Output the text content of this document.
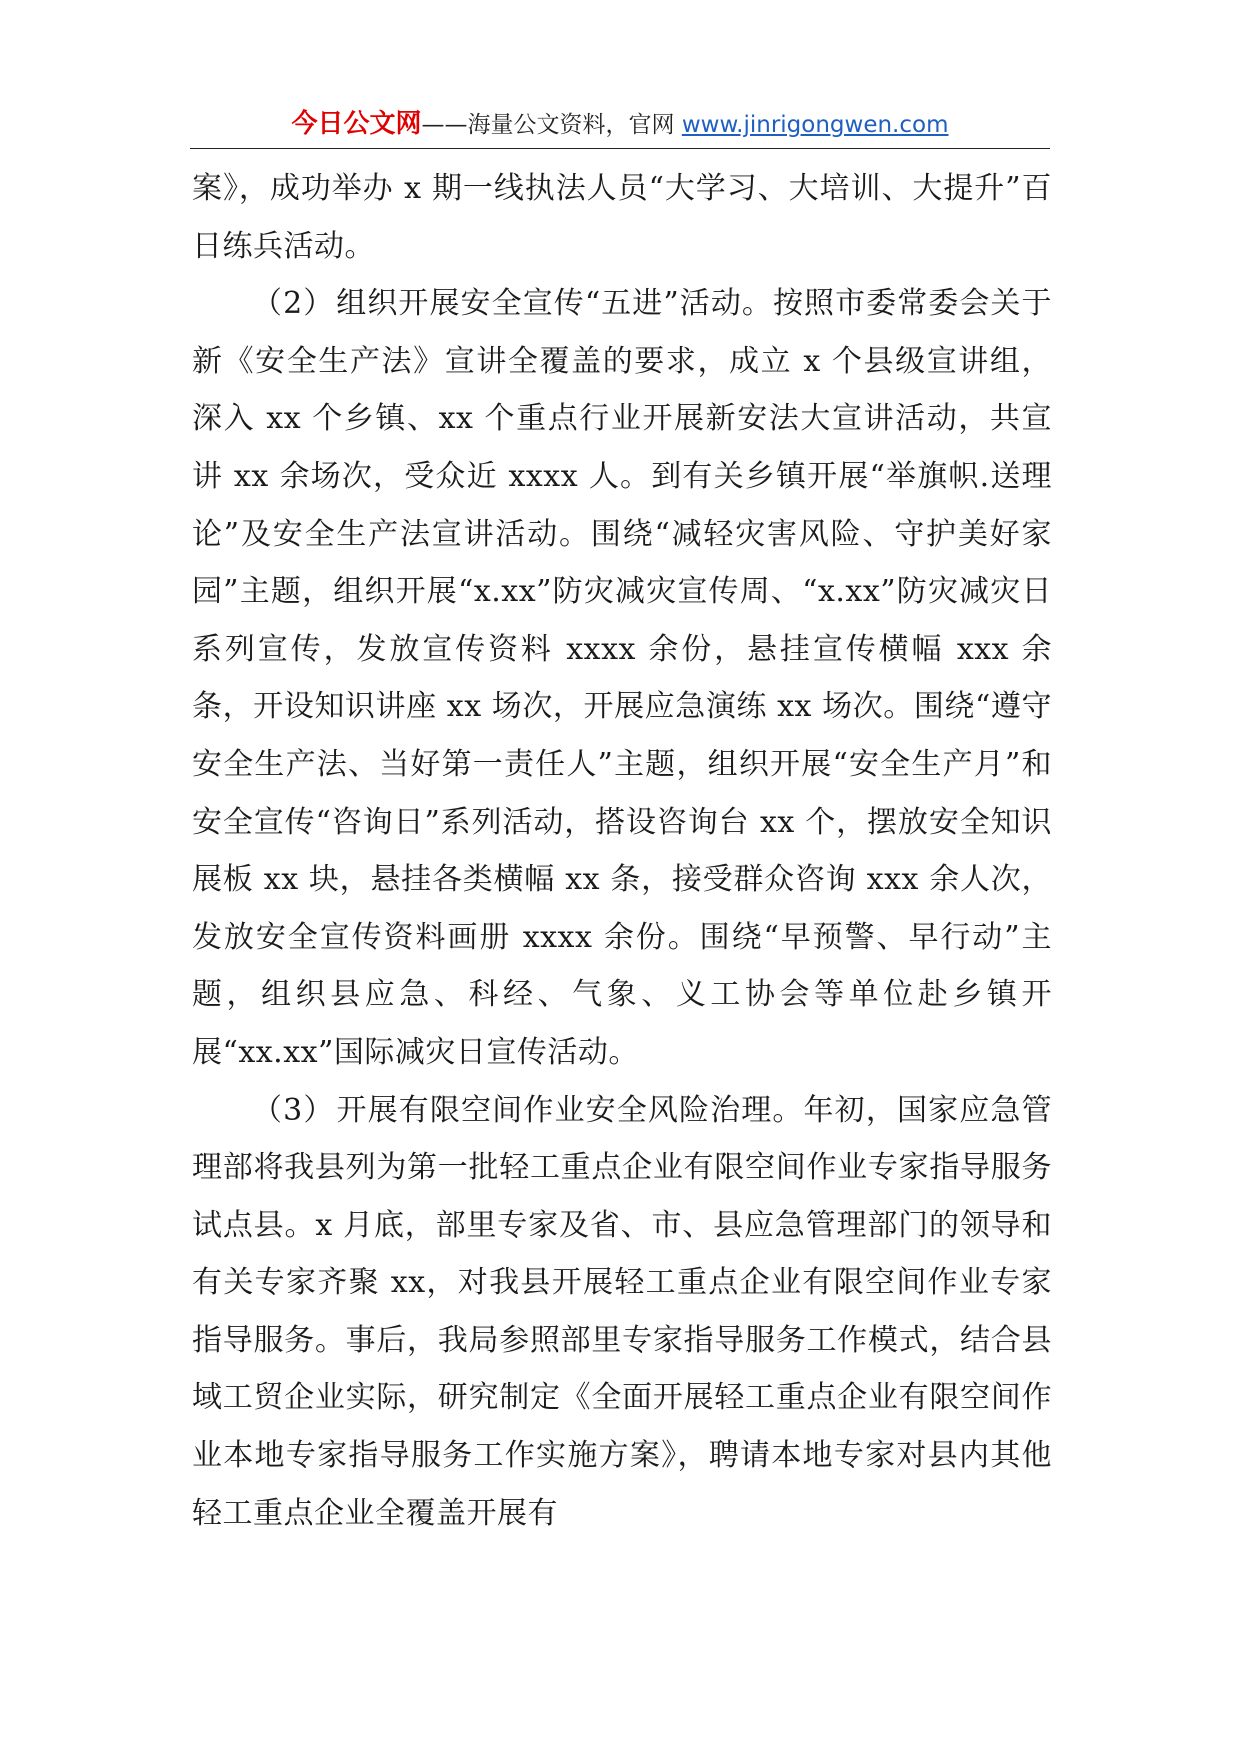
今日公文网——海量公文资料，官网 www.jinrigongwen.com

案》，成功举办 x 期一线执法人员“大学习、大培训、大提升”百日练兵活动。

（2）组织开展安全宣传“五进”活动。按照市委常委会关于新《安全生产法》宣讲全覆盖的要求，成立 x 个县级宣讲组，深入 xx 个乡镇、xx 个重点行业开展新安法大宣讲活动，共宣讲 xx 余场次，受众近 xxxx 人。到有关乡镇开展“举旗帜.送理论”及安全生产法宣讲活动。围绕“减轻灾害风险、守护美好家园”主题，组织开展“x.xx”防灾减灾宣传周、“x.xx”防灾减灾日系列宣传，发放宣传资料 xxxx 余份，悬挂宣传横幅 xxx 余条，开设知识讲座 xx 场次，开展应急演练 xx 场次。围绕“遵守安全生产法、当好第一责任人”主题，组织开展“安全生产月”和安全宣传“咨询日”系列活动，搭设咨询台 xx 个，摆放安全知识展板 xx 块，悬挂各类横幅 xx 条，接受群众咨询 xxx 余人次，发放安全宣传资料画册 xxxx 余份。围绕“早预警、早行动”主题，组织县应急、科经、气象、义工协会等单位赴乡镇开展“xx.xx”国际减灾日宣传活动。

（3）开展有限空间作业安全风险治理。年初，国家应急管理部将我县列为第一批轻工重点企业有限空间作业专家指导服务试点县。x 月底，部里专家及省、市、县应急管理部门的领导和有关专家齐聚 xx，对我县开展轻工重点企业有限空间作业专家指导服务。事后，我局参照部里专家指导服务工作模式，结合县域工贸企业实际，研究制定《全面开展轻工重点企业有限空间作业本地专家指导服务工作实施方案》，聘请本地专家对县内其他轻工重点企业全覆盖开展有
